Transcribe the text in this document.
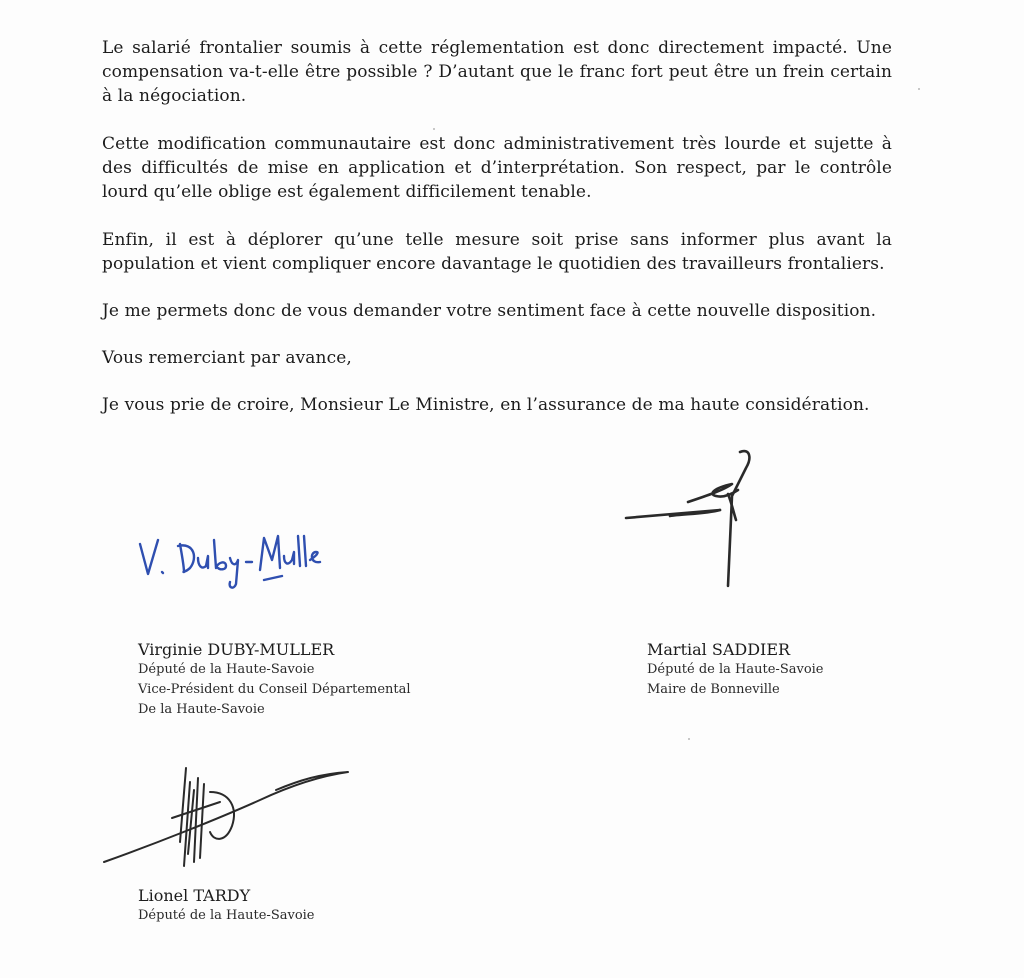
Le salarié frontalier soumis à cette réglementation est donc directement impacté. Une compensation va-t-elle être possible ? D’autant que le franc fort peut être un frein certain à la négociation.

Cette modification communautaire est donc administrativement très lourde et sujette à des difficultés de mise en application et d’interprétation. Son respect, par le contrôle lourd qu’elle oblige est également difficilement tenable.

Enfin, il est à déplorer qu’une telle mesure soit prise sans informer plus avant la population et vient compliquer encore davantage le quotidien des travailleurs frontaliers.

Je me permets donc de vous demander votre sentiment face à cette nouvelle disposition.

Vous remerciant par avance,

Je vous prie de croire, Monsieur Le Ministre, en l’assurance de ma haute considération.

Virginie DUBY-MULLER
Député de la Haute-Savoie
Vice-Président du Conseil Départemental
De la Haute-Savoie
Martial SADDIER
Député de la Haute-Savoie
Maire de Bonneville
Lionel TARDY
Député de la Haute-Savoie
